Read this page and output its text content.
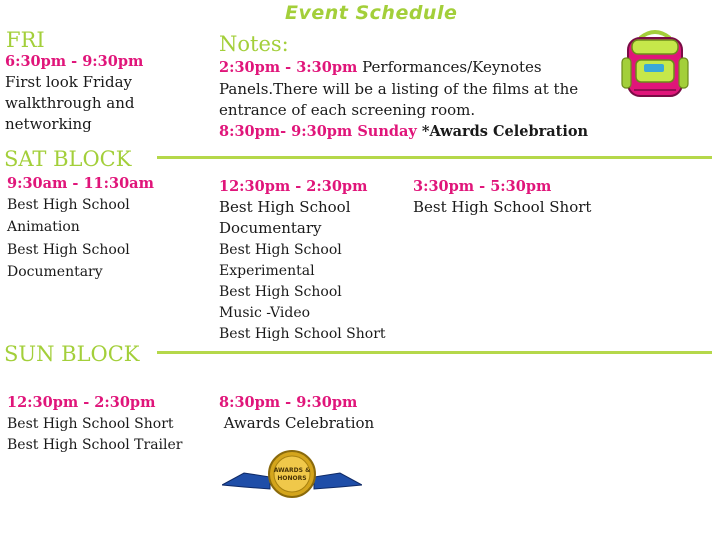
Event Schedule
FRI
6:30pm - 9:30pm
First look Friday
walkthrough and
networking
Notes:
2:30pm - 3:30pm Performances/Keynotes
Panels.There will be a listing of the films at the
entrance of each screening room.
8:30pm- 9:30pm Sunday *Awards Celebration
SAT BLOCK
9:30am - 11:30am
Best High School
Animation
Best High School
Documentary
12:30pm - 2:30pm
Best High School
Documentary
Best High School
Experimental
Best High School
Music -Video
Best High School Short
3:30pm - 5:30pm
Best High School Short
SUN BLOCK
12:30pm - 2:30pm
Best High School Short
Best High School Trailer
8:30pm - 9:30pm
Awards Celebration
AWARDS &
HONORS
